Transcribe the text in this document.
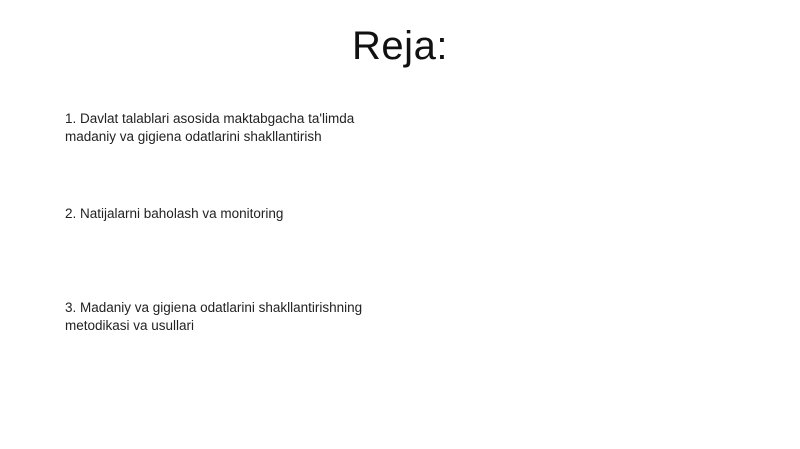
Reja:
1. Davlat talablari asosida maktabgacha ta'limda madaniy va gigiena odatlarini shakllantirish
2. Natijalarni baholash va monitoring
3. Madaniy va gigiena odatlarini shakllantirishning metodikasi va usullari
